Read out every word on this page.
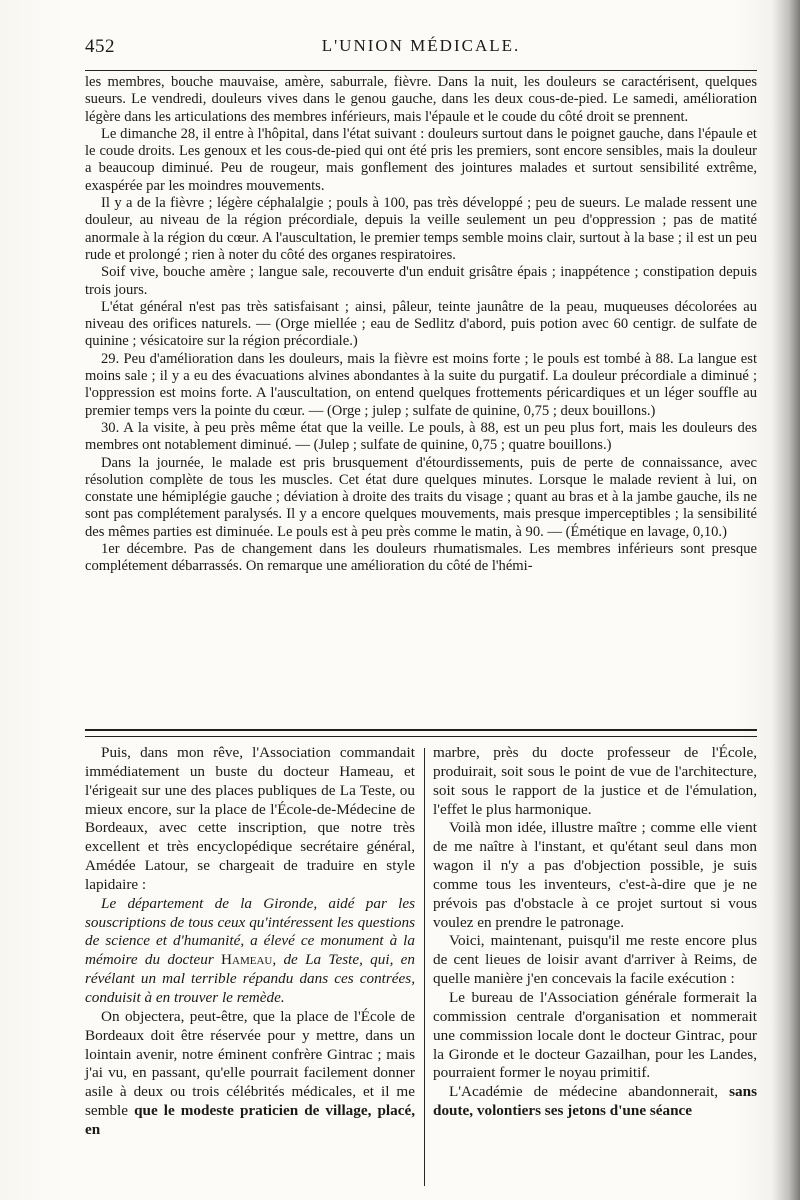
452	L'UNION MÉDICALE.

les membres, bouche mauvaise, amère, saburrale, fièvre. Dans la nuit, les douleurs se caractérisent, quelques sueurs. Le vendredi, douleurs vives dans le genou gauche, dans les deux cous-de-pied. Le samedi, amélioration légère dans les articulations des membres inférieurs, mais l'épaule et le coude du côté droit se prennent.

Le dimanche 28, il entre à l'hôpital, dans l'état suivant : douleurs surtout dans le poignet gauche, dans l'épaule et le coude droits. Les genoux et les cous-de-pied qui ont été pris les premiers, sont encore sensibles, mais la douleur a beaucoup diminué. Peu de rougeur, mais gonflement des jointures malades et surtout sensibilité extrême, exaspérée par les moindres mouvements.

Il y a de la fièvre ; légère céphalalgie ; pouls à 100, pas très développé ; peu de sueurs. Le malade ressent une douleur, au niveau de la région précordiale, depuis la veille seulement un peu d'oppression ; pas de matité anormale à la région du cœur. A l'auscultation, le premier temps semble moins clair, surtout à la base ; il est un peu rude et prolongé ; rien à noter du côté des organes respiratoires.

Soif vive, bouche amère ; langue sale, recouverte d'un enduit grisâtre épais ; inappétence ; constipation depuis trois jours.

L'état général n'est pas très satisfaisant ; ainsi, pâleur, teinte jaunâtre de la peau, muqueuses décolorées au niveau des orifices naturels. — (Orge miellée ; eau de Sedlitz d'abord, puis potion avec 60 centigr. de sulfate de quinine ; vésicatoire sur la région précordiale.)

29. Peu d'amélioration dans les douleurs, mais la fièvre est moins forte ; le pouls est tombé à 88. La langue est moins sale ; il y a eu des évacuations alvines abondantes à la suite du purgatif. La douleur précordiale a diminué ; l'oppression est moins forte. A l'auscultation, on entend quelques frottements péricardiques et un léger souffle au premier temps vers la pointe du cœur. — (Orge ; julep ; sulfate de quinine, 0,75 ; deux bouillons.)

30. A la visite, à peu près même état que la veille. Le pouls, à 88, est un peu plus fort, mais les douleurs des membres ont notablement diminué. — (Julep ; sulfate de quinine, 0,75 ; quatre bouillons.)

Dans la journée, le malade est pris brusquement d'étourdissements, puis de perte de connaissance, avec résolution complète de tous les muscles. Cet état dure quelques minutes. Lorsque le malade revient à lui, on constate une hémiplégie gauche ; déviation à droite des traits du visage ; quant au bras et à la jambe gauche, ils ne sont pas complétement paralysés. Il y a encore quelques mouvements, mais presque imperceptibles ; la sensibilité des mêmes parties est diminuée. Le pouls est à peu près comme le matin, à 90. — (Émétique en lavage, 0,10.)

1er décembre. Pas de changement dans les douleurs rhumatismales. Les membres inférieurs sont presque complétement débarrassés. On remarque une amélioration du côté de l'hémi-

Puis, dans mon rêve, l'Association commandait immédiatement un buste du docteur Hameau, et l'érigeait sur une des places publiques de La Teste, ou mieux encore, sur la place de l'École-de-Médecine de Bordeaux, avec cette inscription, que notre très excellent et très encyclopédique secrétaire général, Amédée Latour, se chargeait de traduire en style lapidaire :

Le département de la Gironde, aidé par les souscriptions de tous ceux qu'intéressent les questions de science et d'humanité, a élevé ce monument à la mémoire du docteur Hameau, de La Teste, qui, en révélant un mal terrible répandu dans ces contrées, conduisit à en trouver le remède.

On objectera, peut-être, que la place de l'École de Bordeaux doit être réservée pour y mettre, dans un lointain avenir, notre éminent confrère Gintrac ; mais j'ai vu, en passant, qu'elle pourrait facilement donner asile à deux ou trois célébrités médicales, et il me semble que le modeste praticien de village, placé, en

marbre, près du docte professeur de l'École, produirait, soit sous le point de vue de l'architecture, soit sous le rapport de la justice et de l'émulation, l'effet le plus harmonique.

Voilà mon idée, illustre maître ; comme elle vient de me naître à l'instant, et qu'étant seul dans mon wagon il n'y a pas d'objection possible, je suis comme tous les inventeurs, c'est-à-dire que je ne prévois pas d'obstacle à ce projet surtout si vous voulez en prendre le patronage.

Voici, maintenant, puisqu'il me reste encore plus de cent lieues de loisir avant d'arriver à Reims, de quelle manière j'en concevais la facile exécution :

Le bureau de l'Association générale formerait la commission centrale d'organisation et nommerait une commission locale dont le docteur Gintrac, pour la Gironde et le docteur Gazailhan, pour les Landes, pourraient former le noyau primitif.

L'Académie de médecine abandonnerait, sans doute, volontiers ses jetons d'une séance
